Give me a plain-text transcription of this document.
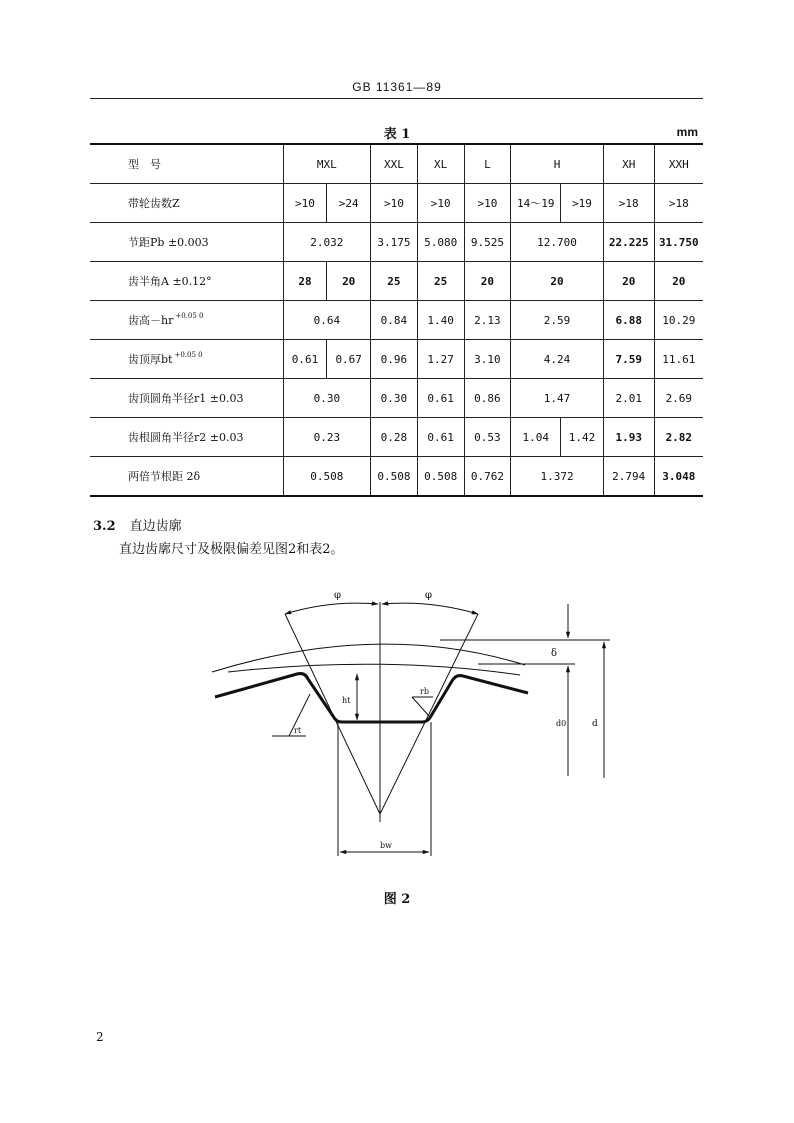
GB 11361—89
表 1	mm
型　号	MXL		XXL	XL	L	H		XH	XXH
带轮齿数Z	>10	>24	>10	>10	>10	14～19	>19	>18	>18
节距Pb ±0.003	2.032		3.175	5.080	9.525	12.700		22.225	31.750
齿半角A ±0.12°	28	20	25	25	20	20		20	20
齿高－hr $^{+0.05 0}$	0.64		0.84	1.40	2.13	2.59		6.88	10.29
齿顶厚bt $^{+0.05 0}$	0.61	0.67	0.96	1.27	3.10	4.24		7.59	11.61
齿顶圆角半径r1 ±0.03	0.30		0.30	0.61	0.86	1.47		2.01	2.69
齿根圆角半径r2 ±0.03	0.23		0.28	0.61	0.53	1.04	1.42	1.93	2.82
两倍节根距 2δ	0.508		0.508	0.508	0.762	1.372		2.794	3.048
3.2 直边齿廓
直边齿廓尺寸及极限偏差见图2和表2。
φ	φ
δ
ht
rb
rt
bw
d0	d
图 2
2
